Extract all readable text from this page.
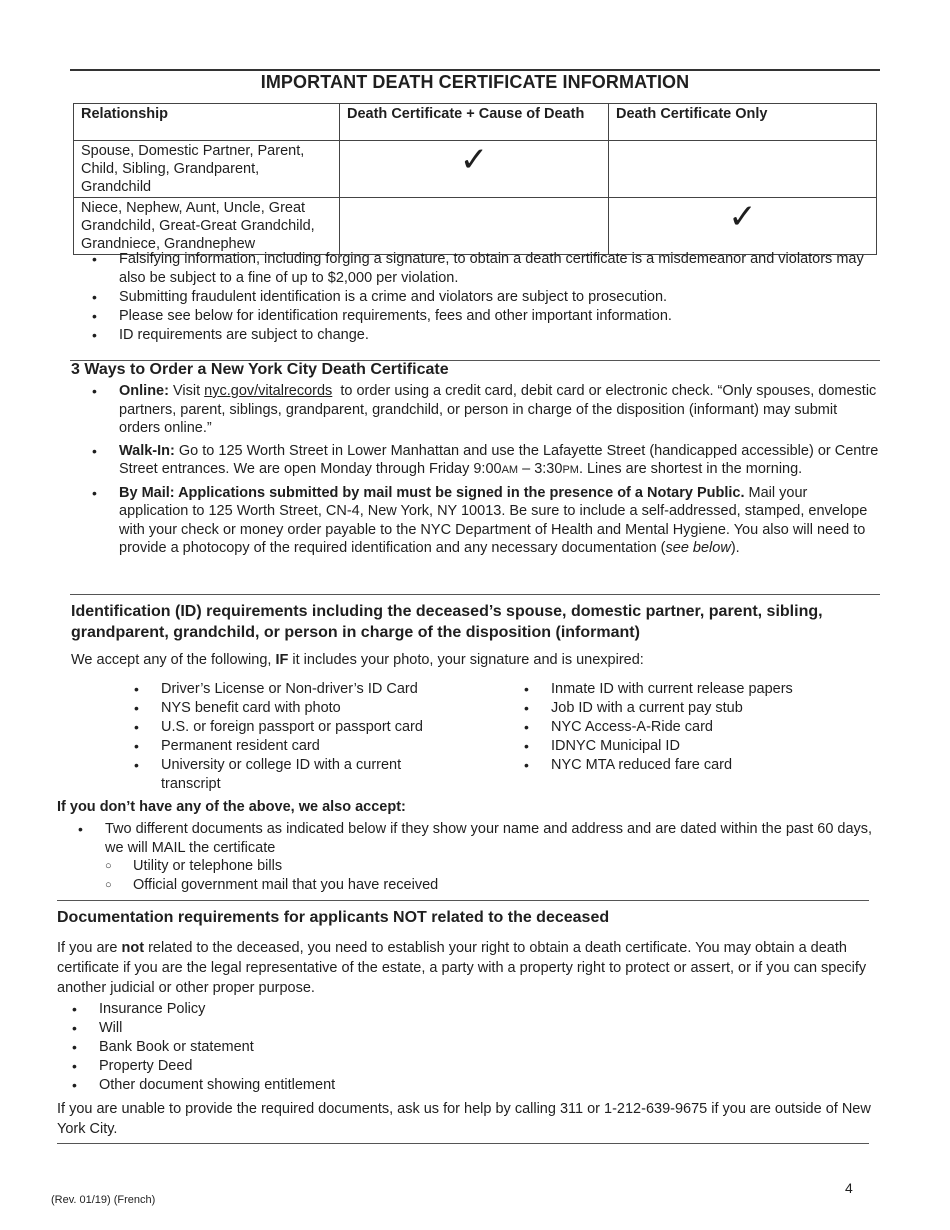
IMPORTANT DEATH CERTIFICATE INFORMATION
Relationship	Death Certificate + Cause of Death	Death Certificate Only
Spouse, Domestic Partner, Parent, Child, Sibling, Grandparent, Grandchild	✓	

Niece, Nephew, Aunt, Uncle, Great Grandchild, Great-Great Grandchild, Grandniece, Grandnephew		✓
• Falsifying information, including forging a signature, to obtain a death certificate is a misdemeanor and violators may also be subject to a fine of up to $2,000 per violation.
• Submitting fraudulent identification is a crime and violators are subject to prosecution.
• Please see below for identification requirements, fees and other important information.
• ID requirements are subject to change.
3 Ways to Order a New York City Death Certificate
• Online: Visit nyc.gov/vitalrecords to order using a credit card, debit card or electronic check. “Only spouses, domestic partners, parent, siblings, grandparent, grandchild, or person in charge of the disposition (informant) may submit orders online.”
• Walk-In: Go to 125 Worth Street in Lower Manhattan and use the Lafayette Street (handicapped accessible) or Centre Street entrances. We are open Monday through Friday 9:00AM – 3:30PM. Lines are shortest in the morning.
• By Mail: Applications submitted by mail must be signed in the presence of a Notary Public. Mail your application to 125 Worth Street, CN-4, New York, NY 10013. Be sure to include a self-addressed, stamped, envelope with your check or money order payable to the NYC Department of Health and Mental Hygiene. You also will need to provide a photocopy of the required identification and any necessary documentation (see below).
Identification (ID) requirements including the deceased’s spouse, domestic partner, parent, sibling, grandparent, grandchild, or person in charge of the disposition (informant)
We accept any of the following, IF it includes your photo, your signature and is unexpired:
• Driver’s License or Non-driver’s ID Card
• NYS benefit card with photo
• U.S. or foreign passport or passport card
• Permanent resident card
• University or college ID with a current transcript
• Inmate ID with current release papers
• Job ID with a current pay stub
• NYC Access-A-Ride card
• IDNYC Municipal ID
• NYC MTA reduced fare card
If you don’t have any of the above, we also accept:
• Two different documents as indicated below if they show your name and address and are dated within the past 60 days, we will MAIL the certificate
○ Utility or telephone bills
○ Official government mail that you have received
Documentation requirements for applicants NOT related to the deceased
If you are not related to the deceased, you need to establish your right to obtain a death certificate. You may obtain a death certificate if you are the legal representative of the estate, a party with a property right to protect or assert, or if you can specify another judicial or other proper purpose.
• Insurance Policy
• Will
• Bank Book or statement
• Property Deed
• Other document showing entitlement
If you are unable to provide the required documents, ask us for help by calling 311 or 1-212-639-9675 if you are outside of New York City.
(Rev. 01/19) (French)
4
